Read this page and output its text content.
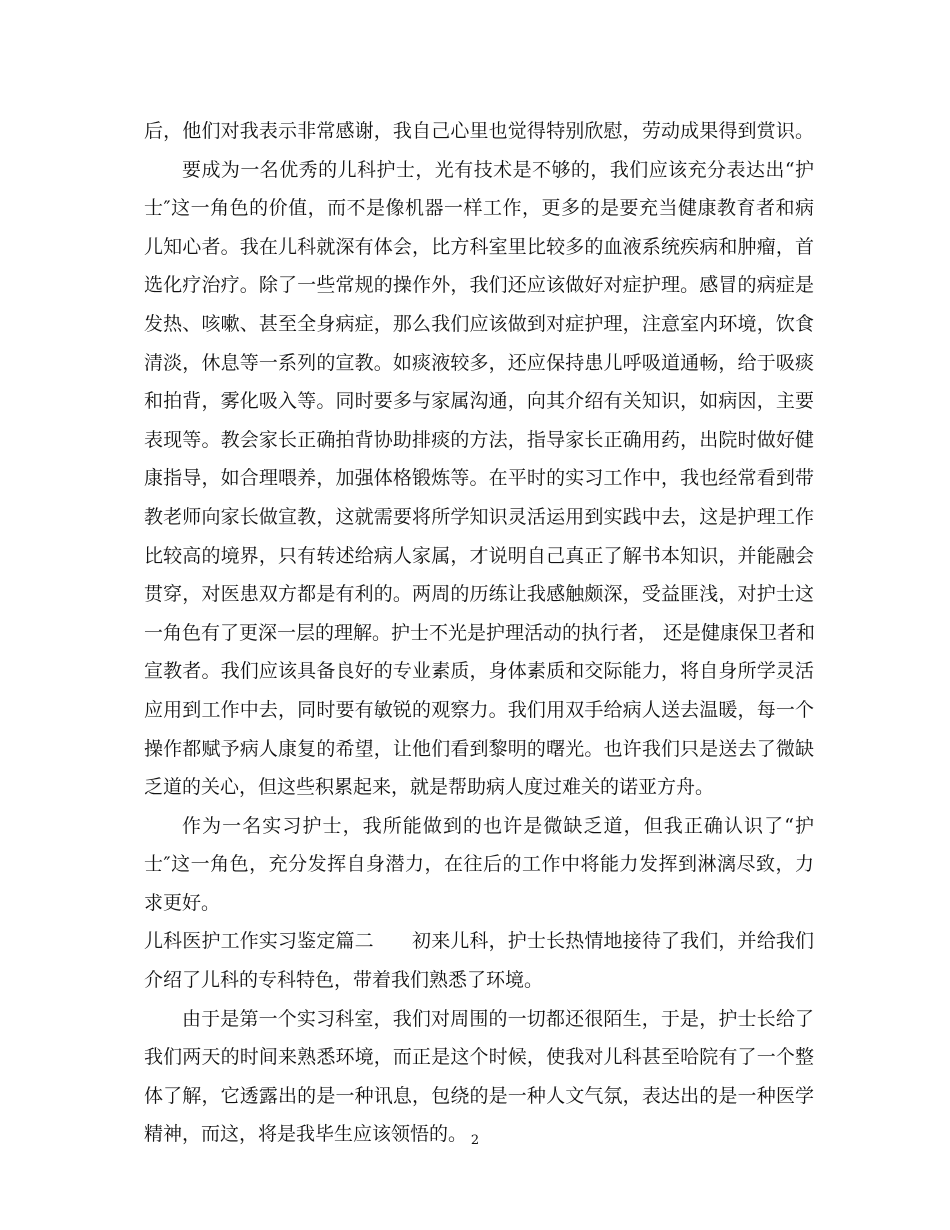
后，他们对我表示非常感谢，我自己心里也觉得特别欣慰，劳动成果得到赏识。
要成为一名优秀的儿科护士，光有技术是不够的，我们应该充分表达出“护
士″这一角色的价值，而不是像机器一样工作，更多的是要充当健康教育者和病
儿知心者。我在儿科就深有体会，比方科室里比较多的血液系统疾病和肿瘤，首
选化疗治疗。除了一些常规的操作外，我们还应该做好对症护理。感冒的病症是
发热、咳嗽、甚至全身病症，那么我们应该做到对症护理，注意室内环境，饮食
清淡，休息等一系列的宣教。如痰液较多，还应保持患儿呼吸道通畅，给于吸痰
和拍背，雾化吸入等。同时要多与家属沟通，向其介绍有关知识，如病因，主要
表现等。教会家长正确拍背协助排痰的方法，指导家长正确用药，出院时做好健
康指导，如合理喂养，加强体格锻炼等。在平时的实习工作中，我也经常看到带
教老师向家长做宣教，这就需要将所学知识灵活运用到实践中去，这是护理工作
比较高的境界，只有转述给病人家属，才说明自己真正了解书本知识，并能融会
贯穿，对医患双方都是有利的。两周的历练让我感触颇深，受益匪浅，对护士这
一角色有了更深一层的理解。护士不光是护理活动的执行者， 还是健康保卫者和
宣教者。我们应该具备良好的专业素质，身体素质和交际能力，将自身所学灵活
应用到工作中去，同时要有敏锐的观察力。我们用双手给病人送去温暖，每一个
操作都赋予病人康复的希望，让他们看到黎明的曙光。也许我们只是送去了微缺
乏道的关心，但这些积累起来，就是帮助病人度过难关的诺亚方舟。
作为一名实习护士，我所能做到的也许是微缺乏道，但我正确认识了“护
士″这一角色，充分发挥自身潜力，在往后的工作中将能力发挥到淋漓尽致，力
求更好。
儿科医护工作实习鉴定篇二　　初来儿科，护士长热情地接待了我们，并给我们
介绍了儿科的专科特色，带着我们熟悉了环境。
由于是第一个实习科室，我们对周围的一切都还很陌生，于是，护士长给了
我们两天的时间来熟悉环境，而正是这个时候，使我对儿科甚至哈院有了一个整
体了解，它透露出的是一种讯息，包绕的是一种人文气氛，表达出的是一种医学
精神，而这，将是我毕生应该领悟的。 2
